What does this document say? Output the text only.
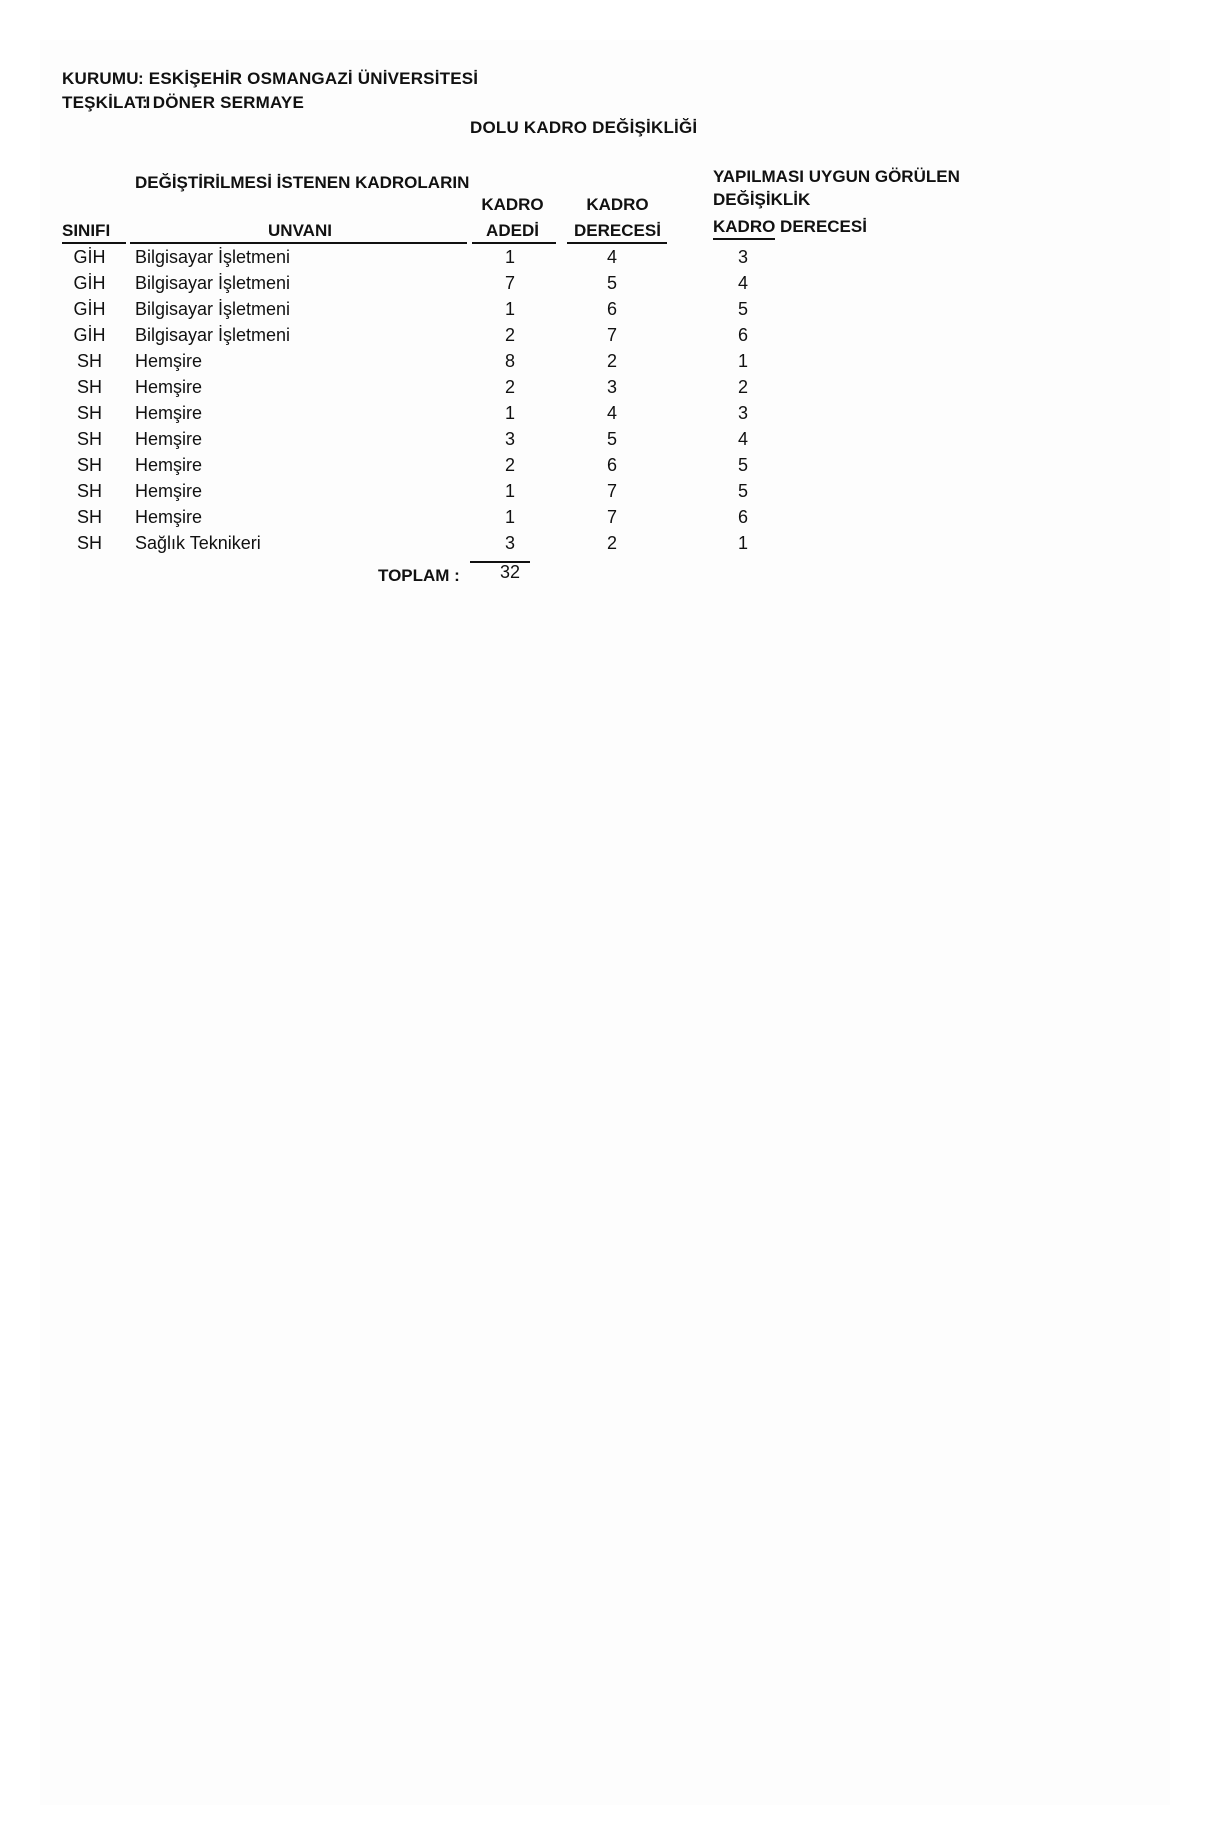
KURUMU : ESKİŞEHİR OSMANGAZİ ÜNİVERSİTESİ
TEŞKİLATI
: DÖNER SERMAYE
DOLU KADRO DEĞİŞİKLİĞİ
DEĞİŞTİRİLMESİ İSTENEN KADROLARIN	YAPILMASI UYGUN GÖRÜLEN
DEĞİŞİKLİK
KADRO	KADRO
SINIFI	UNVANI	ADEDİ	DERECESİ	KADRO DERECESİ
GİH	Bilgisayar İşletmeni	1	4	3
GİH	Bilgisayar İşletmeni	7	5	4
GİH	Bilgisayar İşletmeni	1	6	5
GİH	Bilgisayar İşletmeni	2	7	6
SH	Hemşire	8	2	1
SH	Hemşire	2	3	2
SH	Hemşire	1	4	3
SH	Hemşire	3	5	4
SH	Hemşire	2	6	5
SH	Hemşire	1	7	5
SH	Hemşire	1	7	6
SH	Sağlık Teknikeri	3	2	1
TOPLAM :	32
